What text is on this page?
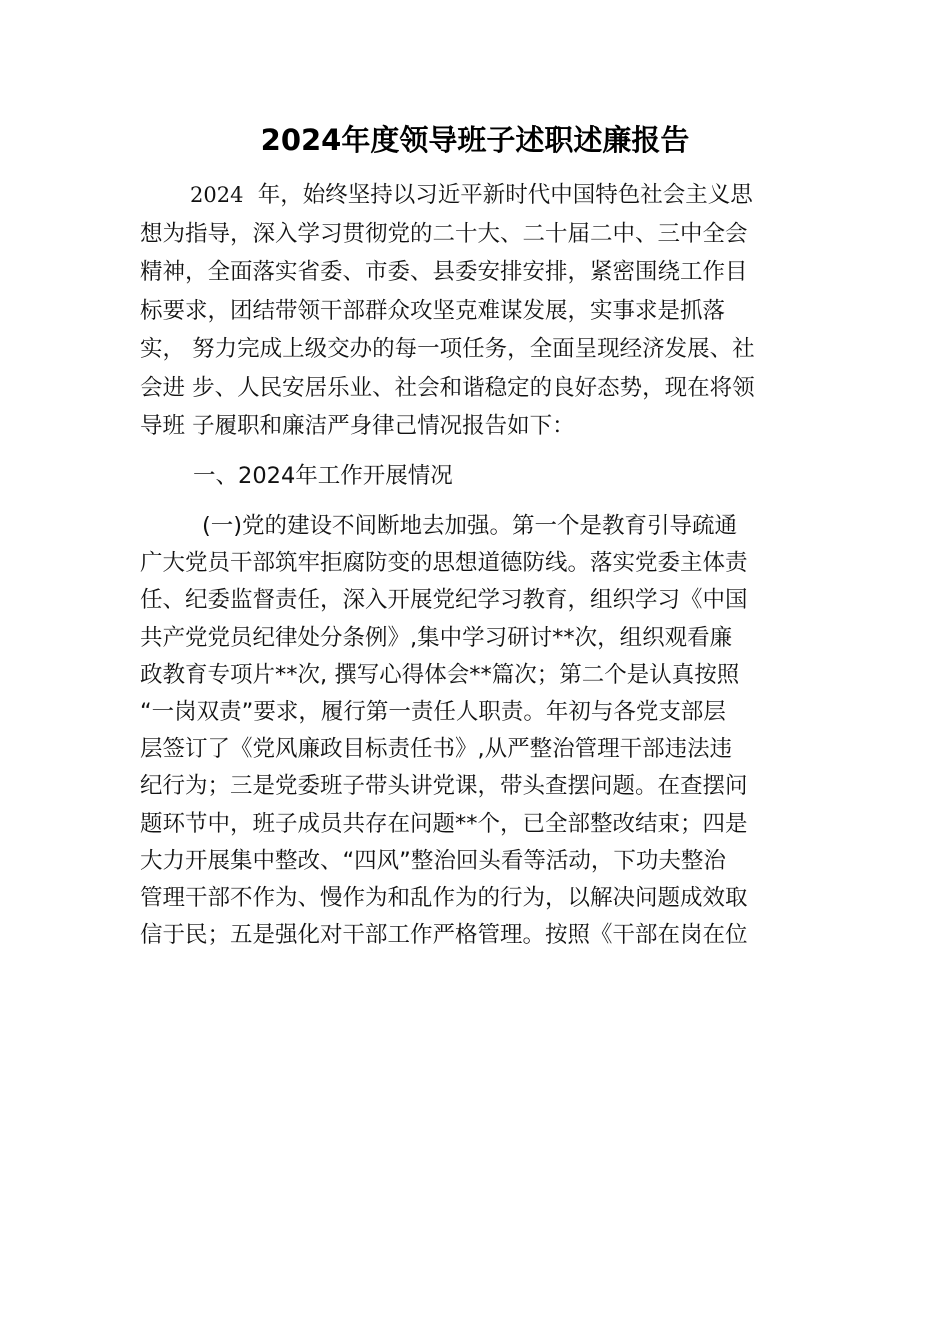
2024年度领导班子述职述廉报告
2024 年，始终坚持以习近平新时代中国特色社会主义思
想为指导，深入学习贯彻党的二十大、二十届二中、三中全会
精神，全面落实省委、市委、县委安排安排，紧密围绕工作目
标要求，团结带领干部群众攻坚克难谋发展，实事求是抓落
实， 努力完成上级交办的每一项任务，全面呈现经济发展、社
会进 步、人民安居乐业、社会和谐稳定的良好态势，现在将领
导班 子履职和廉洁严身律己情况报告如下：
一、2024年工作开展情况
(一)党的建设不间断地去加强。第一个是教育引导疏通
广大党员干部筑牢拒腐防变的思想道德防线。落实党委主体责
任、纪委监督责任，深入开展党纪学习教育，组织学习《中国
共产党党员纪律处分条例》,集中学习研讨**次，组织观看廉
政教育专项片**次, 撰写心得体会**篇次；第二个是认真按照
“一岗双责”要求，履行第一责任人职责。年初与各党支部层
层签订了《党风廉政目标责任书》,从严整治管理干部违法违
纪行为；三是党委班子带头讲党课，带头查摆问题。在查摆问
题环节中，班子成员共存在问题**个，已全部整改结束；四是
大力开展集中整改、“四风”整治回头看等活动，下功夫整治
管理干部不作为、慢作为和乱作为的行为，以解决问题成效取
信于民；五是强化对干部工作严格管理。按照《干部在岗在位
